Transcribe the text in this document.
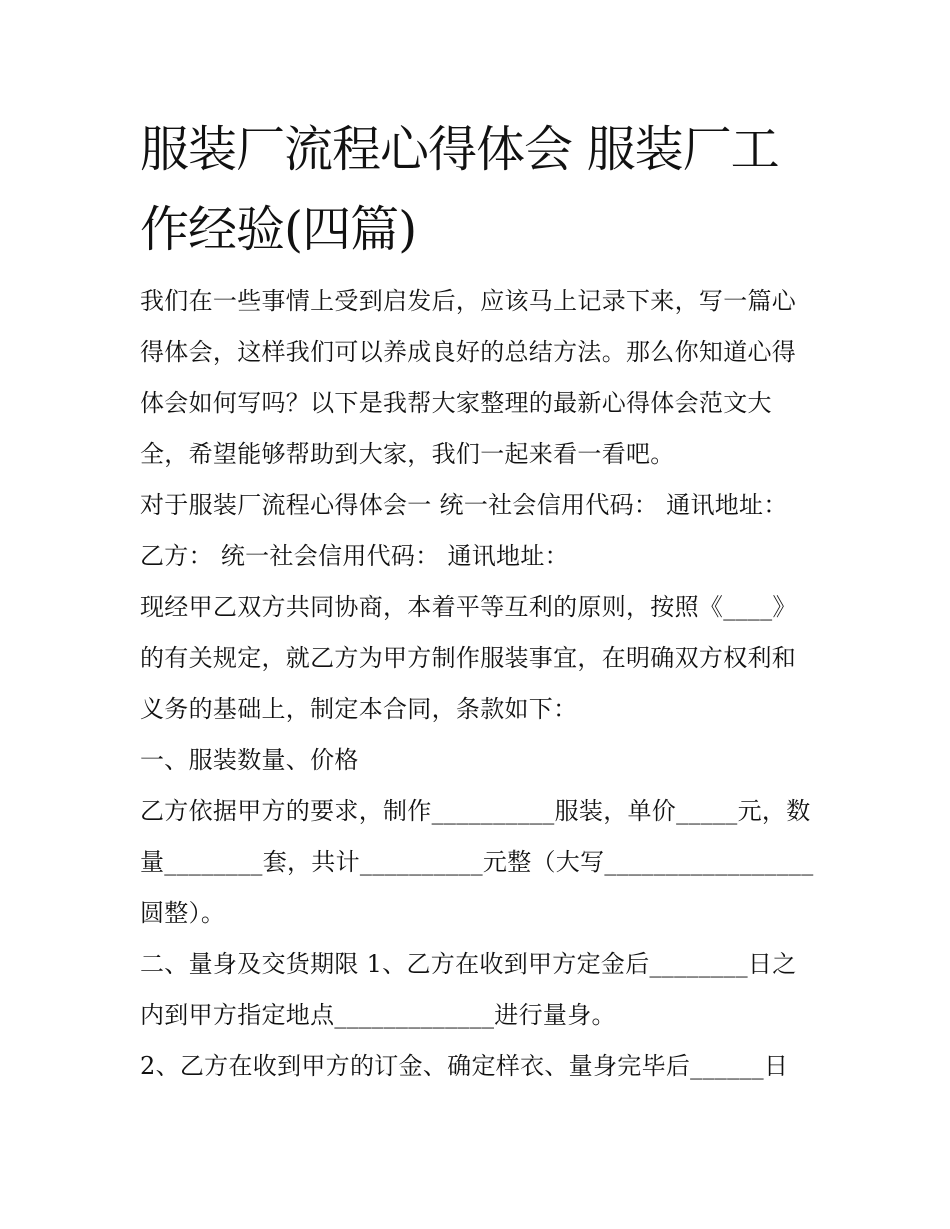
服装厂流程心得体会 服装厂工作经验(四篇)

我们在一些事情上受到启发后，应该马上记录下来，写一篇心得体会，这样我们可以养成良好的总结方法。那么你知道心得体会如何写吗？以下是我帮大家整理的最新心得体会范文大全，希望能够帮助到大家，我们一起来看一看吧。

对于服装厂流程心得体会一 统一社会信用代码： 通讯地址：

乙方： 统一社会信用代码： 通讯地址：

现经甲乙双方共同协商，本着平等互利的原则，按照《____》的有关规定，就乙方为甲方制作服装事宜，在明确双方权利和义务的基础上，制定本合同，条款如下：

一、服装数量、价格

乙方依据甲方的要求，制作__________服装，单价_____元，数量________套，共计__________元整（大写_________________圆整）。

二、量身及交货期限 1、乙方在收到甲方定金后________日之内到甲方指定地点_____________进行量身。

2、乙方在收到甲方的订金、确定样衣、量身完毕后______日
